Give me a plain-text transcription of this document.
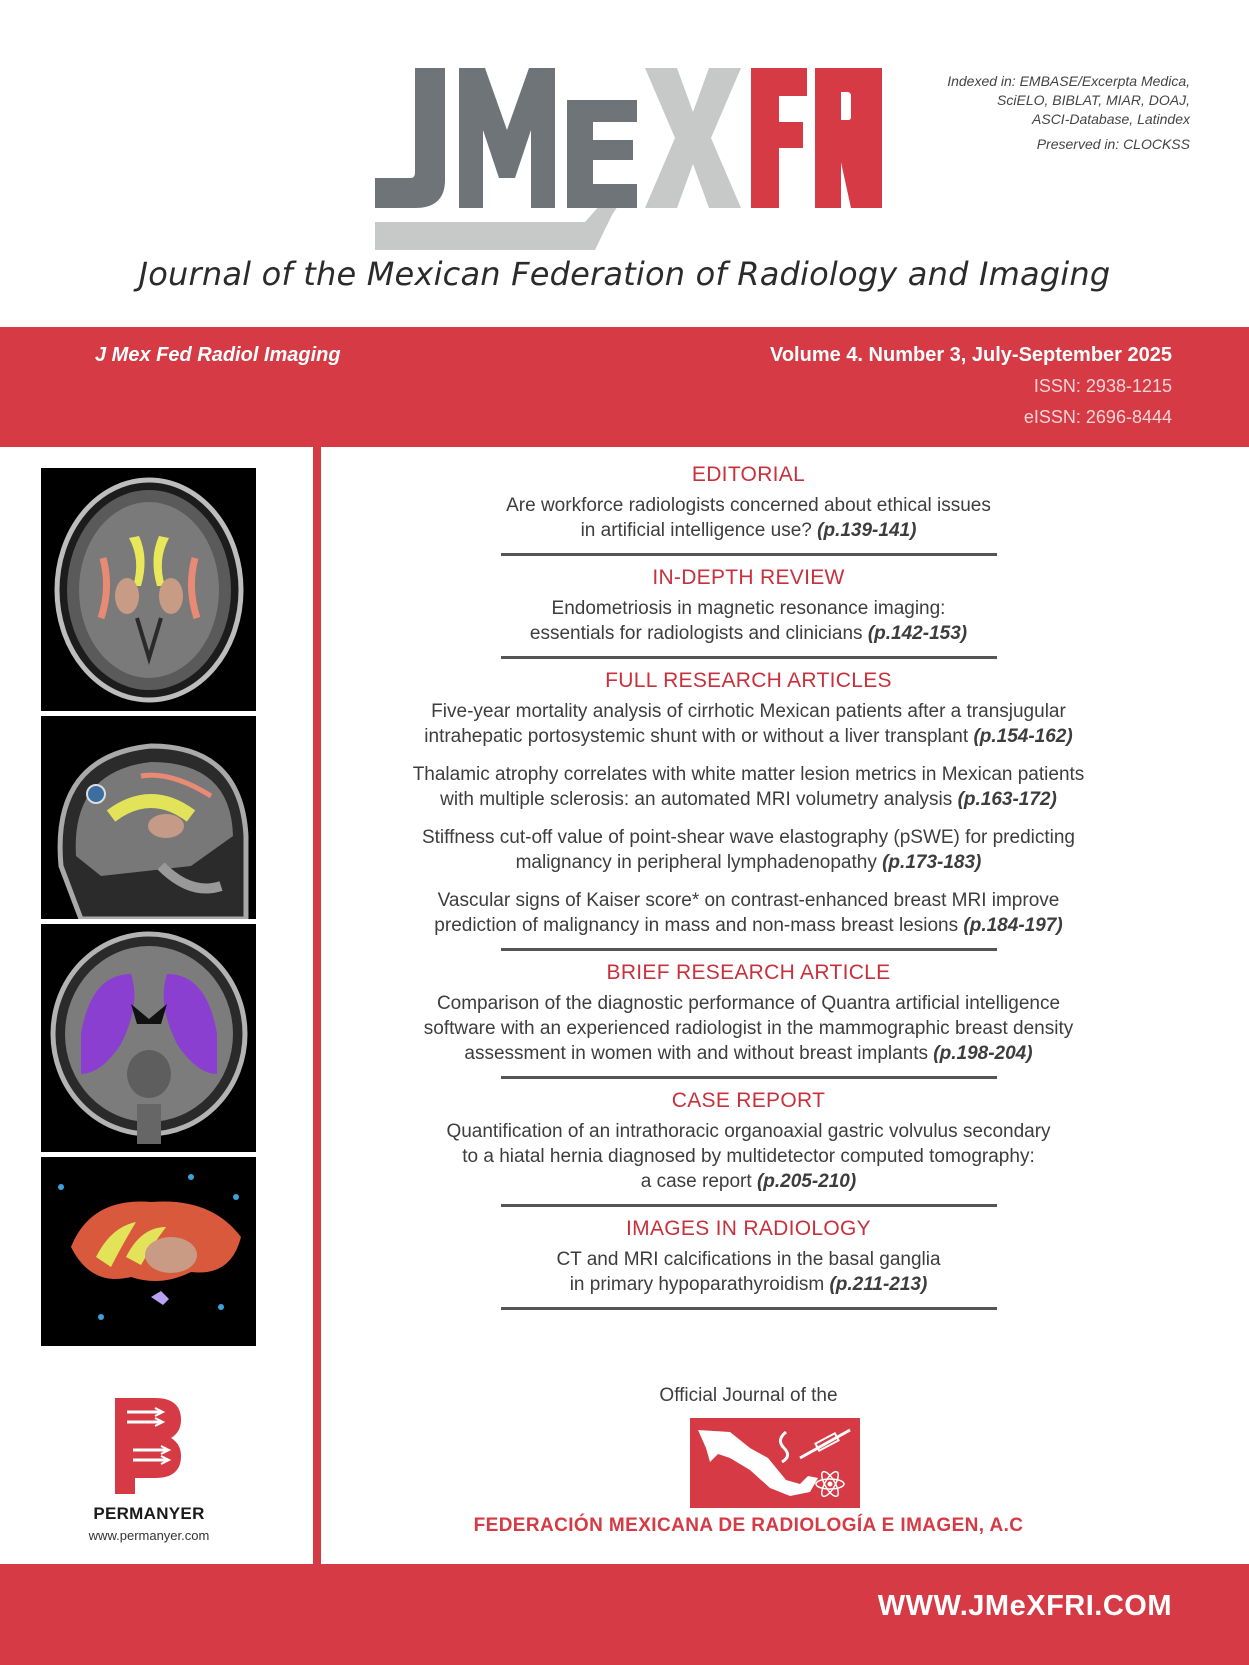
Indexed in: EMBASE/Excerpta Medica,
SciELO, BIBLAT, MIAR, DOAJ,
ASCI-Database, Latindex
Preserved in: CLOCKSS
Journal of the Mexican Federation of Radiology and Imaging
J Mex Fed Radiol Imaging	Volume 4. Number 3, July-September 2025
ISSN: 2938-1215
eISSN: 2696-8444
PERMANYER
www.permanyer.com
EDITORIAL
Are workforce radiologists concerned about ethical issues
in artificial intelligence use? (p.139-141)
IN-DEPTH REVIEW
Endometriosis in magnetic resonance imaging:
essentials for radiologists and clinicians (p.142-153)
FULL RESEARCH ARTICLES
Five-year mortality analysis of cirrhotic Mexican patients after a transjugular
intrahepatic portosystemic shunt with or without a liver transplant (p.154-162)
Thalamic atrophy correlates with white matter lesion metrics in Mexican patients
with multiple sclerosis: an automated MRI volumetry analysis (p.163-172)
Stiffness cut-off value of point-shear wave elastography (pSWE) for predicting
malignancy in peripheral lymphadenopathy (p.173-183)
Vascular signs of Kaiser score* on contrast-enhanced breast MRI improve
prediction of malignancy in mass and non-mass breast lesions (p.184-197)
BRIEF RESEARCH ARTICLE
Comparison of the diagnostic performance of Quantra artificial intelligence
software with an experienced radiologist in the mammographic breast density
assessment in women with and without breast implants (p.198-204)
CASE REPORT
Quantification of an intrathoracic organoaxial gastric volvulus secondary
to a hiatal hernia diagnosed by multidetector computed tomography:
a case report (p.205-210)
IMAGES IN RADIOLOGY
CT and MRI calcifications in the basal ganglia
in primary hypoparathyroidism (p.211-213)
Official Journal of the
FEDERACIÓN MEXICANA DE RADIOLOGÍA E IMAGEN, A.C
WWW.JMeXFRI.COM
